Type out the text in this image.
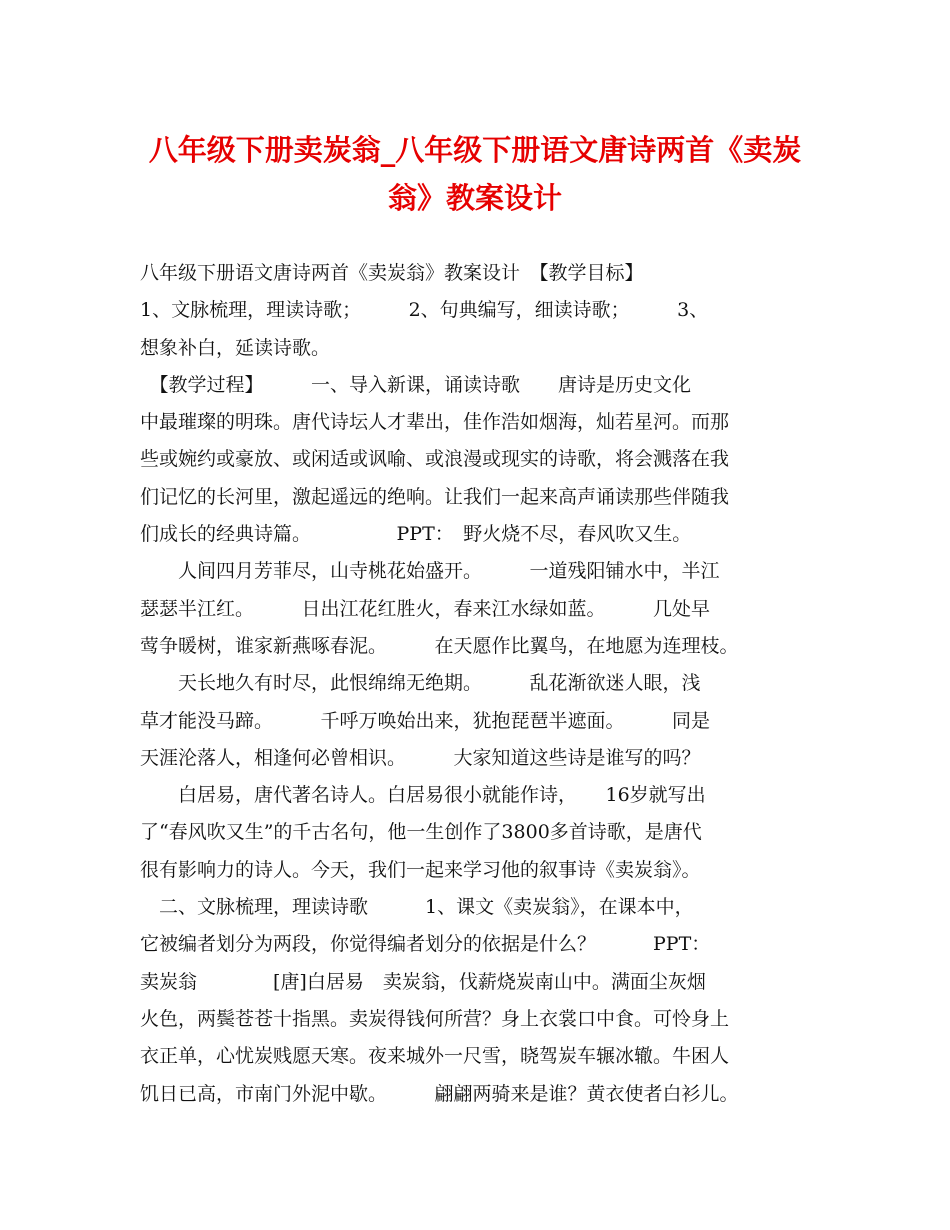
八年级下册卖炭翁_八年级下册语文唐诗两首《卖炭
翁》教案设计
八年级下册语文唐诗两首《卖炭翁》教案设计　【教学目标】
1、文脉梳理，理读诗歌；　　　2、句典编写，细读诗歌；　　　3、
想象补白，延读诗歌。
　【教学过程】　　　一、导入新课，诵读诗歌　　唐诗是历史文化
中最璀璨的明珠。唐代诗坛人才辈出，佳作浩如烟海，灿若星河。而那
些或婉约或豪放、或闲适或讽喻、或浪漫或现实的诗歌，将会溅落在我
们记忆的长河里，激起遥远的绝响。让我们一起来高声诵读那些伴随我
们成长的经典诗篇。　　　　　PPT：　野火烧不尽，春风吹又生。
　　人间四月芳菲尽，山寺桃花始盛开。　　　一道残阳铺水中，半江
瑟瑟半江红。　　　日出江花红胜火，春来江水绿如蓝。　　　几处早
莺争暖树，谁家新燕啄春泥。　　　在天愿作比翼鸟，在地愿为连理枝。
　　天长地久有时尽，此恨绵绵无绝期。　　　乱花渐欲迷人眼，浅
草才能没马蹄。　　　千呼万唤始出来，犹抱琵琶半遮面。　　　同是
天涯沦落人，相逢何必曾相识。　　　大家知道这些诗是谁写的吗？
　　白居易，唐代著名诗人。白居易很小就能作诗，　　16岁就写出
了“春风吹又生”的千古名句，他一生创作了3800多首诗歌，是唐代
很有影响力的诗人。今天，我们一起来学习他的叙事诗《卖炭翁》。
　二、文脉梳理，理读诗歌　　　1、课文《卖炭翁》，在课本中，
它被编者划分为两段，你觉得编者划分的依据是什么？　　　PPT：
卖炭翁　　　　[唐]白居易　卖炭翁，伐薪烧炭南山中。满面尘灰烟
火色，两鬓苍苍十指黑。卖炭得钱何所营？身上衣裳口中食。可怜身上
衣正单，心忧炭贱愿天寒。夜来城外一尺雪，晓驾炭车辗冰辙。牛困人
饥日已高，市南门外泥中歇。　　　翩翩两骑来是谁？黄衣使者白衫儿。
